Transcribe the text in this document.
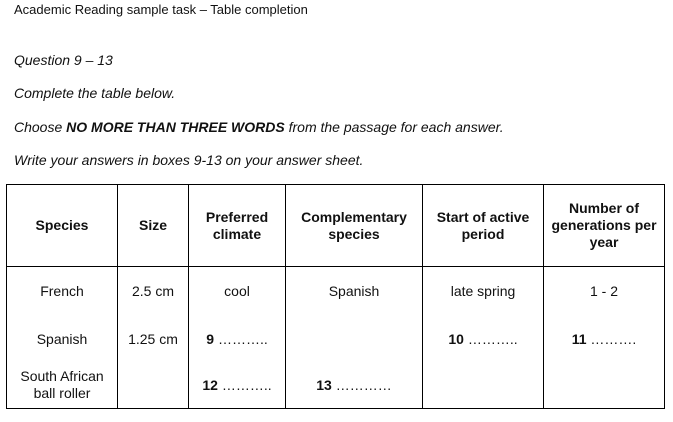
Academic Reading sample task – Table completion
Question 9 – 13
Complete the table below.
Choose NO MORE THAN THREE WORDS from the passage for each answer.
Write your answers in boxes 9-13 on your answer sheet.
Species	Size	Preferred climate	Complementary species	Start of active period	Number of generations per year
French	2.5 cm	cool	Spanish	late spring	1 - 2
Spanish	1.25 cm	9 ………..		10 ………..	11 ……….
South African ball roller		12 ………..	13 …………		
